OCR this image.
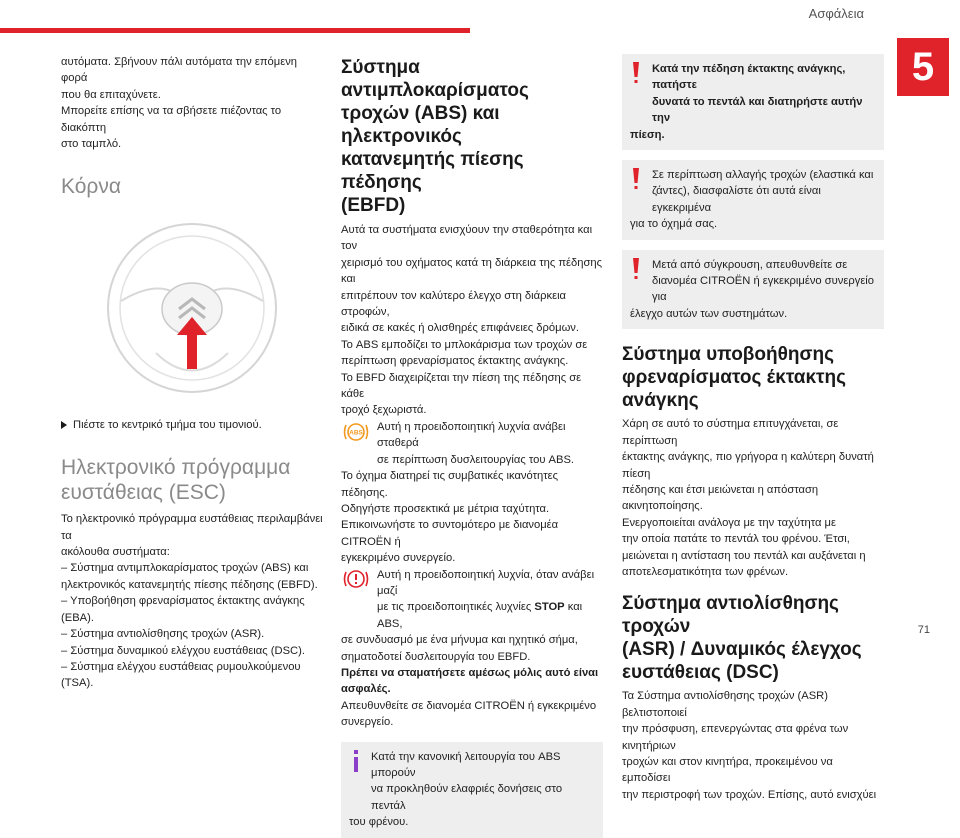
Ασφάλεια
5
71

αυτόματα. Σβήνουν πάλι αυτόματα την επόμενη φορά

που θα επιταχύνετε.

Μπορείτε επίσης να τα σβήσετε πιέζοντας το διακόπτη

στο ταμπλό.

Κόρνα
Πιέστε το κεντρικό τμήμα του τιμονιού.
Ηλεκτρονικό πρόγραμμα
ευστάθειας (ESC)

Το ηλεκτρονικό πρόγραμμα ευστάθειας περιλαμβάνει τα

ακόλουθα συστήματα:

– Σύστημα αντιμπλοκαρίσματος τροχών (ABS) και

ηλεκτρονικός κατανεμητής πίεσης πέδησης (EBFD).

– Υποβοήθηση φρεναρίσματος έκτακτης ανάγκης (EBA).

– Σύστημα αντιολίσθησης τροχών (ASR).

– Σύστημα δυναμικού ελέγχου ευστάθειας (DSC).

– Σύστημα ελέγχου ευστάθειας ρυμουλκούμενου (TSA).

Σύστημα αντιμπλοκαρίσματος
τροχών (ABS) και ηλεκτρονικός
κατανεμητής πίεσης πέδησης
(EBFD)

Αυτά τα συστήματα ενισχύουν την σταθερότητα και τον

χειρισμό του οχήματος κατά τη διάρκεια της πέδησης και

επιτρέπουν τον καλύτερο έλεγχο στη διάρκεια στροφών,

ειδικά σε κακές ή ολισθηρές επιφάνειες δρόμων.

Το ABS εμποδίζει το μπλοκάρισμα των τροχών σε

περίπτωση φρεναρίσματος έκτακτης ανάγκης.

Το EBFD διαχειρίζεται την πίεση της πέδησης σε κάθε

τροχό ξεχωριστά.

ABS Αυτή η προειδοποιητική λυχνία ανάβει σταθερά

σε περίπτωση δυσλειτουργίας του ABS.

Το όχημα διατηρεί τις συμβατικές ικανότητες πέδησης.

Οδηγήστε προσεκτικά με μέτρια ταχύτητα.

Επικοινωνήστε το συντομότερο με διανομέα CITROËN ή

εγκεκριμένο συνεργείο.

Αυτή η προειδοποιητική λυχνία, όταν ανάβει μαζί

με τις προειδοποιητικές λυχνίες STOP και ABS,

σε συνδυασμό με ένα μήνυμα και ηχητικό σήμα,

σηματοδοτεί δυσλειτουργία του EBFD.

Πρέπει να σταματήσετε αμέσως μόλις αυτό είναι

ασφαλές.

Απευθυνθείτε σε διανομέα CITROËN ή εγκεκριμένο

συνεργείο.

Κατά την κανονική λειτουργία του ABS μπορούν
να προκληθούν ελαφριές δονήσεις στο πεντάλ
του φρένου.
Κατά την πέδηση έκτακτης ανάγκης, πατήστε
δυνατά το πεντάλ και διατηρήστε αυτήν την
πίεση.
Σε περίπτωση αλλαγής τροχών (ελαστικά και
ζάντες), διασφαλίστε ότι αυτά είναι εγκεκριμένα
για το όχημά σας.
Μετά από σύγκρουση, απευθυνθείτε σε
διανομέα CITROËN ή εγκεκριμένο συνεργείο για
έλεγχο αυτών των συστημάτων.
Σύστημα υποβοήθησης
φρεναρίσματος έκτακτης
ανάγκης

Χάρη σε αυτό το σύστημα επιτυγχάνεται, σε περίπτωση

έκτακτης ανάγκης, πιο γρήγορα η καλύτερη δυνατή πίεση

πέδησης και έτσι μειώνεται η απόσταση ακινητοποίησης.

Ενεργοποιείται ανάλογα με την ταχύτητα με

την οποία πατάτε το πεντάλ του φρένου. Έτσι,

μειώνεται η αντίσταση του πεντάλ και αυξάνεται η

αποτελεσματικότητα των φρένων.

Σύστημα αντιολίσθησης τροχών
(ASR) / Δυναμικός έλεγχος
ευστάθειας (DSC)

Τα Σύστημα αντιολίσθησης τροχών (ASR) βελτιστοποιεί

την πρόσφυση, επενεργώντας στα φρένα των κινητήριων

τροχών και στον κινητήρα, προκειμένου να εμποδίσει

την περιστροφή των τροχών. Επίσης, αυτό ενισχύει
